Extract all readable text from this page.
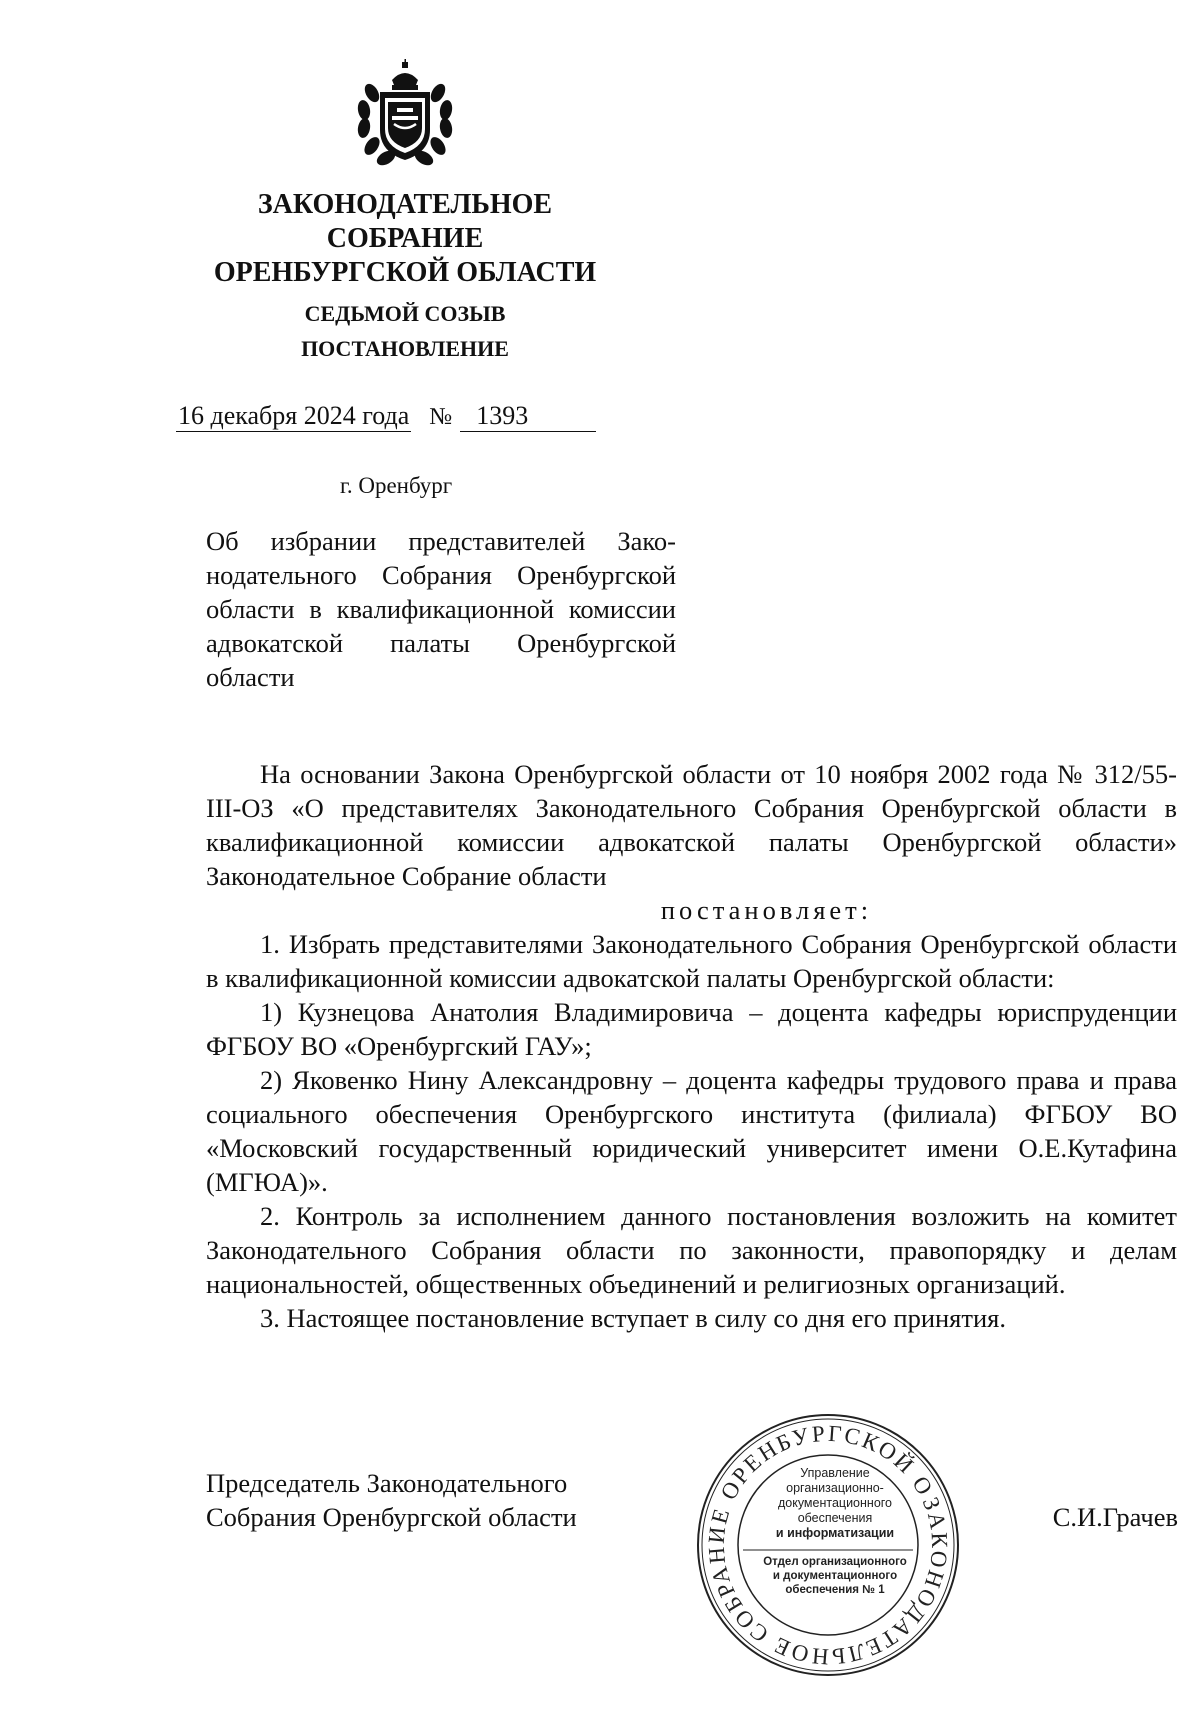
ЗАКОНОДАТЕЛЬНОЕ
СОБРАНИЕ
ОРЕНБУРГСКОЙ ОБЛАСТИ
СЕДЬМОЙ СОЗЫВ
ПОСТАНОВЛЕНИЕ
16 декабря 2024 года № 1393
г. Оренбург
Об избрании представителей Законодательного Собрания Оренбургской области в квалификационной комиссии адвокатской палаты Оренбургской области

На основании Закона Оренбургской области от 10 ноября 2002 года № 312/55-III-ОЗ «О представителях Законодательного Собрания Оренбургской области в квалификационной комиссии адвокатской палаты Оренбургской области» Законодательное Собрание области

постановляет:

1. Избрать представителями Законодательного Собрания Оренбургской области в квалификационной комиссии адвокатской палаты Оренбургской области:

1) Кузнецова Анатолия Владимировича – доцента кафедры юриспруденции ФГБОУ ВО «Оренбургский ГАУ»;

2) Яковенко Нину Александровну – доцента кафедры трудового права и права социального обеспечения Оренбургского института (филиала) ФГБОУ ВО «Московский государственный юридический университет имени О.Е.Кутафина (МГЮА)».

2. Контроль за исполнением данного постановления возложить на комитет Законодательного Собрания области по законности, правопорядку и делам национальностей, общественных объединений и религиозных организаций.

3. Настоящее постановление вступает в силу со дня его принятия.

Председатель Законодательного
Собрания Оренбургской области	С.И.Грачев
ЗАКОНОДАТЕЛЬНОЕ СОБРАНИЕ ОРЕНБУРГСКОЙ ОБЛАСТИ
Управление
организационно-
документационного
обеспечения
и информатизации
Отдел организационного
и документационного
обеспечения № 1
